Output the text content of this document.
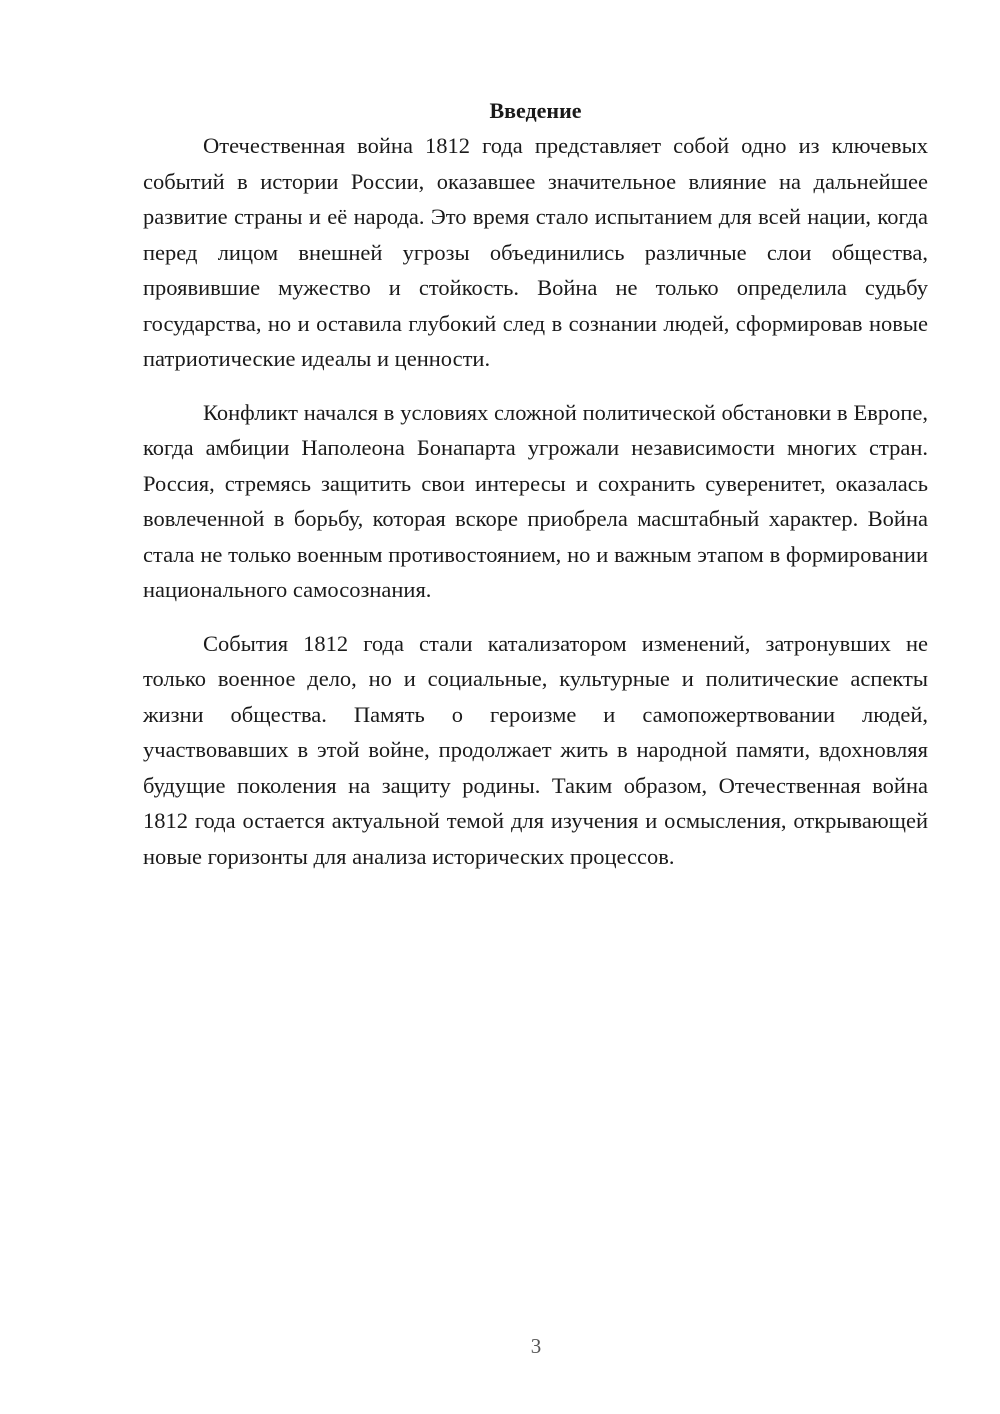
Введение

Отечественная война 1812 года представляет собой одно из ключевых событий в истории России, оказавшее значительное влияние на дальнейшее развитие страны и её народа. Это время стало испытанием для всей нации, когда перед лицом внешней угрозы объединились различные слои общества, проявившие мужество и стойкость. Война не только определила судьбу государства, но и оставила глубокий след в сознании людей, сформировав новые патриотические идеалы и ценности.

Конфликт начался в условиях сложной политической обстановки в Европе, когда амбиции Наполеона Бонапарта угрожали независимости многих стран. Россия, стремясь защитить свои интересы и сохранить суверенитет, оказалась вовлеченной в борьбу, которая вскоре приобрела масштабный характер. Война стала не только военным противостоянием, но и важным этапом в формировании национального самосознания.

События 1812 года стали катализатором изменений, затронувших не только военное дело, но и социальные, культурные и политические аспекты жизни общества. Память о героизме и самопожертвовании людей, участвовавших в этой войне, продолжает жить в народной памяти, вдохновляя будущие поколения на защиту родины. Таким образом, Отечественная война 1812 года остается актуальной темой для изучения и осмысления, открывающей новые горизонты для анализа исторических процессов.

3
